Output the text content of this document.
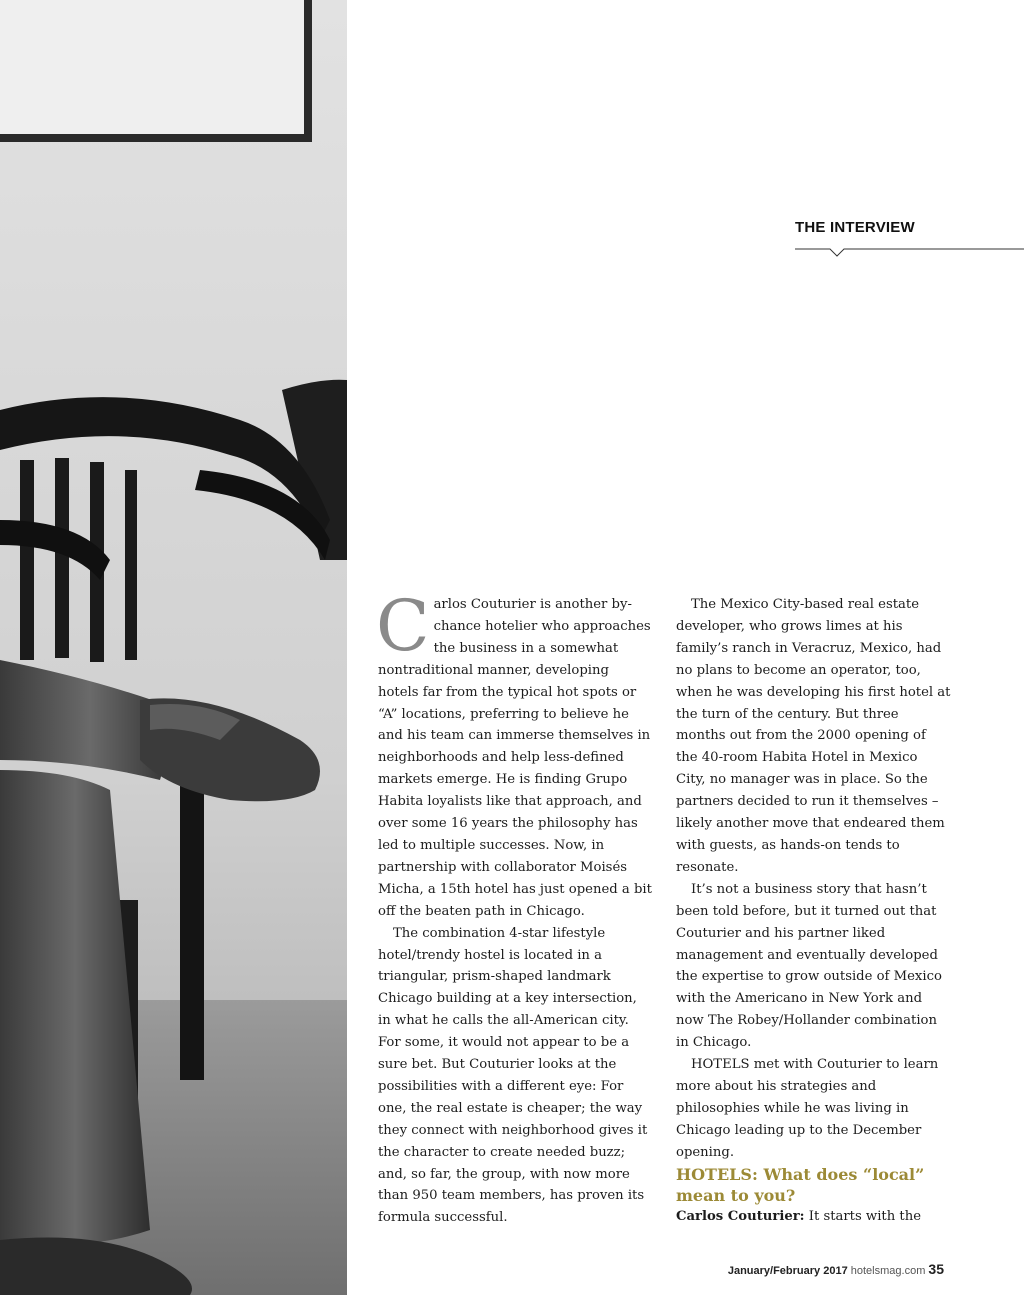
THE INTERVIEW

Carlos Couturier is another by-chance hotelier who approaches the business in a somewhat nontraditional manner, developing hotels far from the typical hot spots or “A” locations, preferring to believe he and his team can immerse themselves in neighborhoods and help less-defined markets emerge. He is finding Grupo Habita loyalists like that approach, and over some 16 years the philosophy has led to multiple successes. Now, in partnership with collaborator Moisés Micha, a 15th hotel has just opened a bit off the beaten path in Chicago.

The combination 4-star lifestyle hotel/trendy hostel is located in a triangular, prism-shaped landmark Chicago building at a key intersection, in what he calls the all-American city. For some, it would not appear to be a sure bet. But Couturier looks at the possibilities with a different eye: For one, the real estate is cheaper; the way they connect with neighborhood gives it the character to create needed buzz; and, so far, the group, with now more than 950 team members, has proven its formula successful.

The Mexico City-based real estate developer, who grows limes at his family’s ranch in Veracruz, Mexico, had no plans to become an operator, too, when he was developing his first hotel at the turn of the century. But three months out from the 2000 opening of the 40-room Habita Hotel in Mexico City, no manager was in place. So the partners decided to run it themselves – likely another move that endeared them with guests, as hands-on tends to resonate.

It’s not a business story that hasn’t been told before, but it turned out that Couturier and his partner liked management and eventually developed the expertise to grow outside of Mexico with the Americano in New York and now The Robey/Hollander combination in Chicago.

HOTELS met with Couturier to learn more about his strategies and philosophies while he was living in Chicago leading up to the December opening.

HOTELS: What does “local” mean to you?

Carlos Couturier: It starts with the

January/February 2017 hotelsmag.com 35
